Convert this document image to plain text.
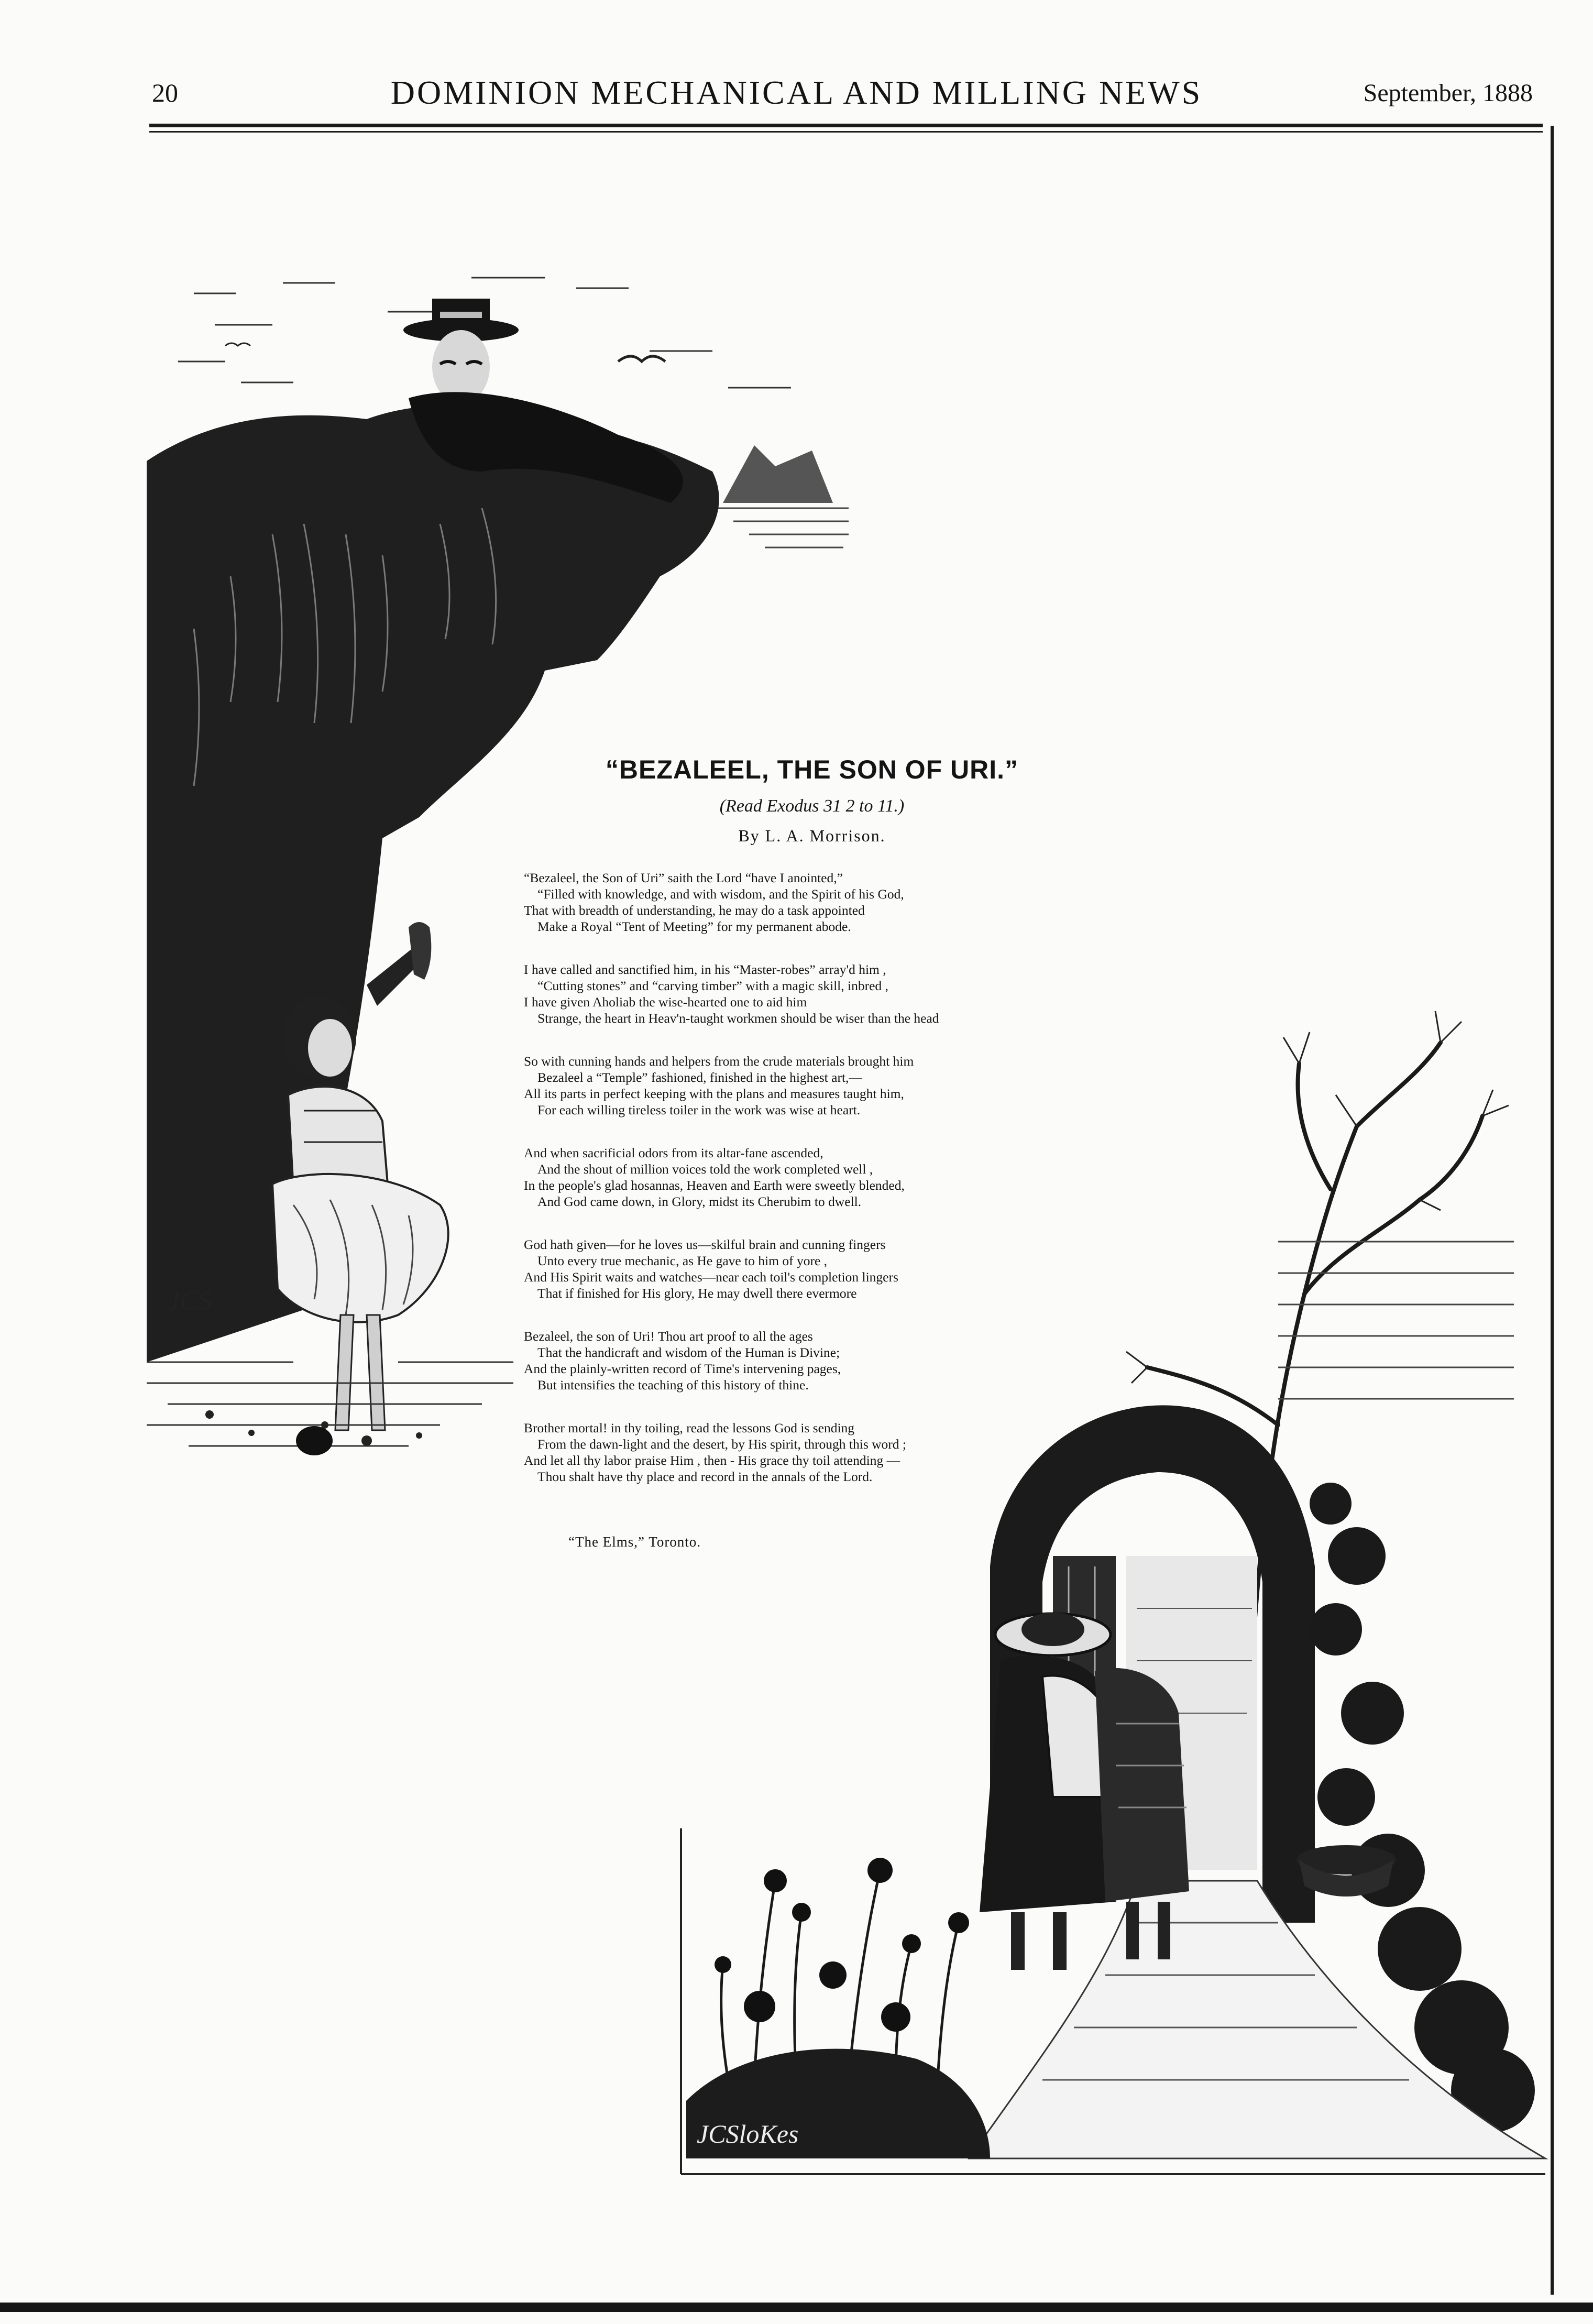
20	DOMINION MECHANICAL AND MILLING NEWS	September, 1888
JCS
JCSloKes
“BEZALEEL, THE SON OF URI.”
(Read Exodus 31 2 to 11.)
By L. A. Morrison.
“Bezaleel, the Son of Uri” saith the Lord “have I anointed,”
“Filled with knowledge, and with wisdom, and the Spirit of his God,
That with breadth of understanding, he may do a task appointed
Make a Royal “Tent of Meeting” for my permanent abode.
I have called and sanctified him, in his “Master-robes” array'd him ,
“Cutting stones” and “carving timber” with a magic skill, inbred ,
I have given Aholiab the wise-hearted one to aid him
Strange, the heart in Heav'n-taught workmen should be wiser than the head
So with cunning hands and helpers from the crude materials brought him
Bezaleel a “Temple” fashioned, finished in the highest art,—
All its parts in perfect keeping with the plans and measures taught him,
For each willing tireless toiler in the work was wise at heart.
And when sacrificial odors from its altar-fane ascended,
And the shout of million voices told the work completed well ,
In the people's glad hosannas, Heaven and Earth were sweetly blended,
And God came down, in Glory, midst its Cherubim to dwell.
God hath given—for he loves us—skilful brain and cunning fingers
Unto every true mechanic, as He gave to him of yore ,
And His Spirit waits and watches—near each toil's completion lingers
That if finished for His glory, He may dwell there evermore
Bezaleel, the son of Uri! Thou art proof to all the ages
That the handicraft and wisdom of the Human is Divine;
And the plainly-written record of Time's intervening pages,
But intensifies the teaching of this history of thine.
Brother mortal! in thy toiling, read the lessons God is sending
From the dawn-light and the desert, by His spirit, through this word ;
And let all thy labor praise Him , then - His grace thy toil attending —
Thou shalt have thy place and record in the annals of the Lord.
“The Elms,” Toronto.
